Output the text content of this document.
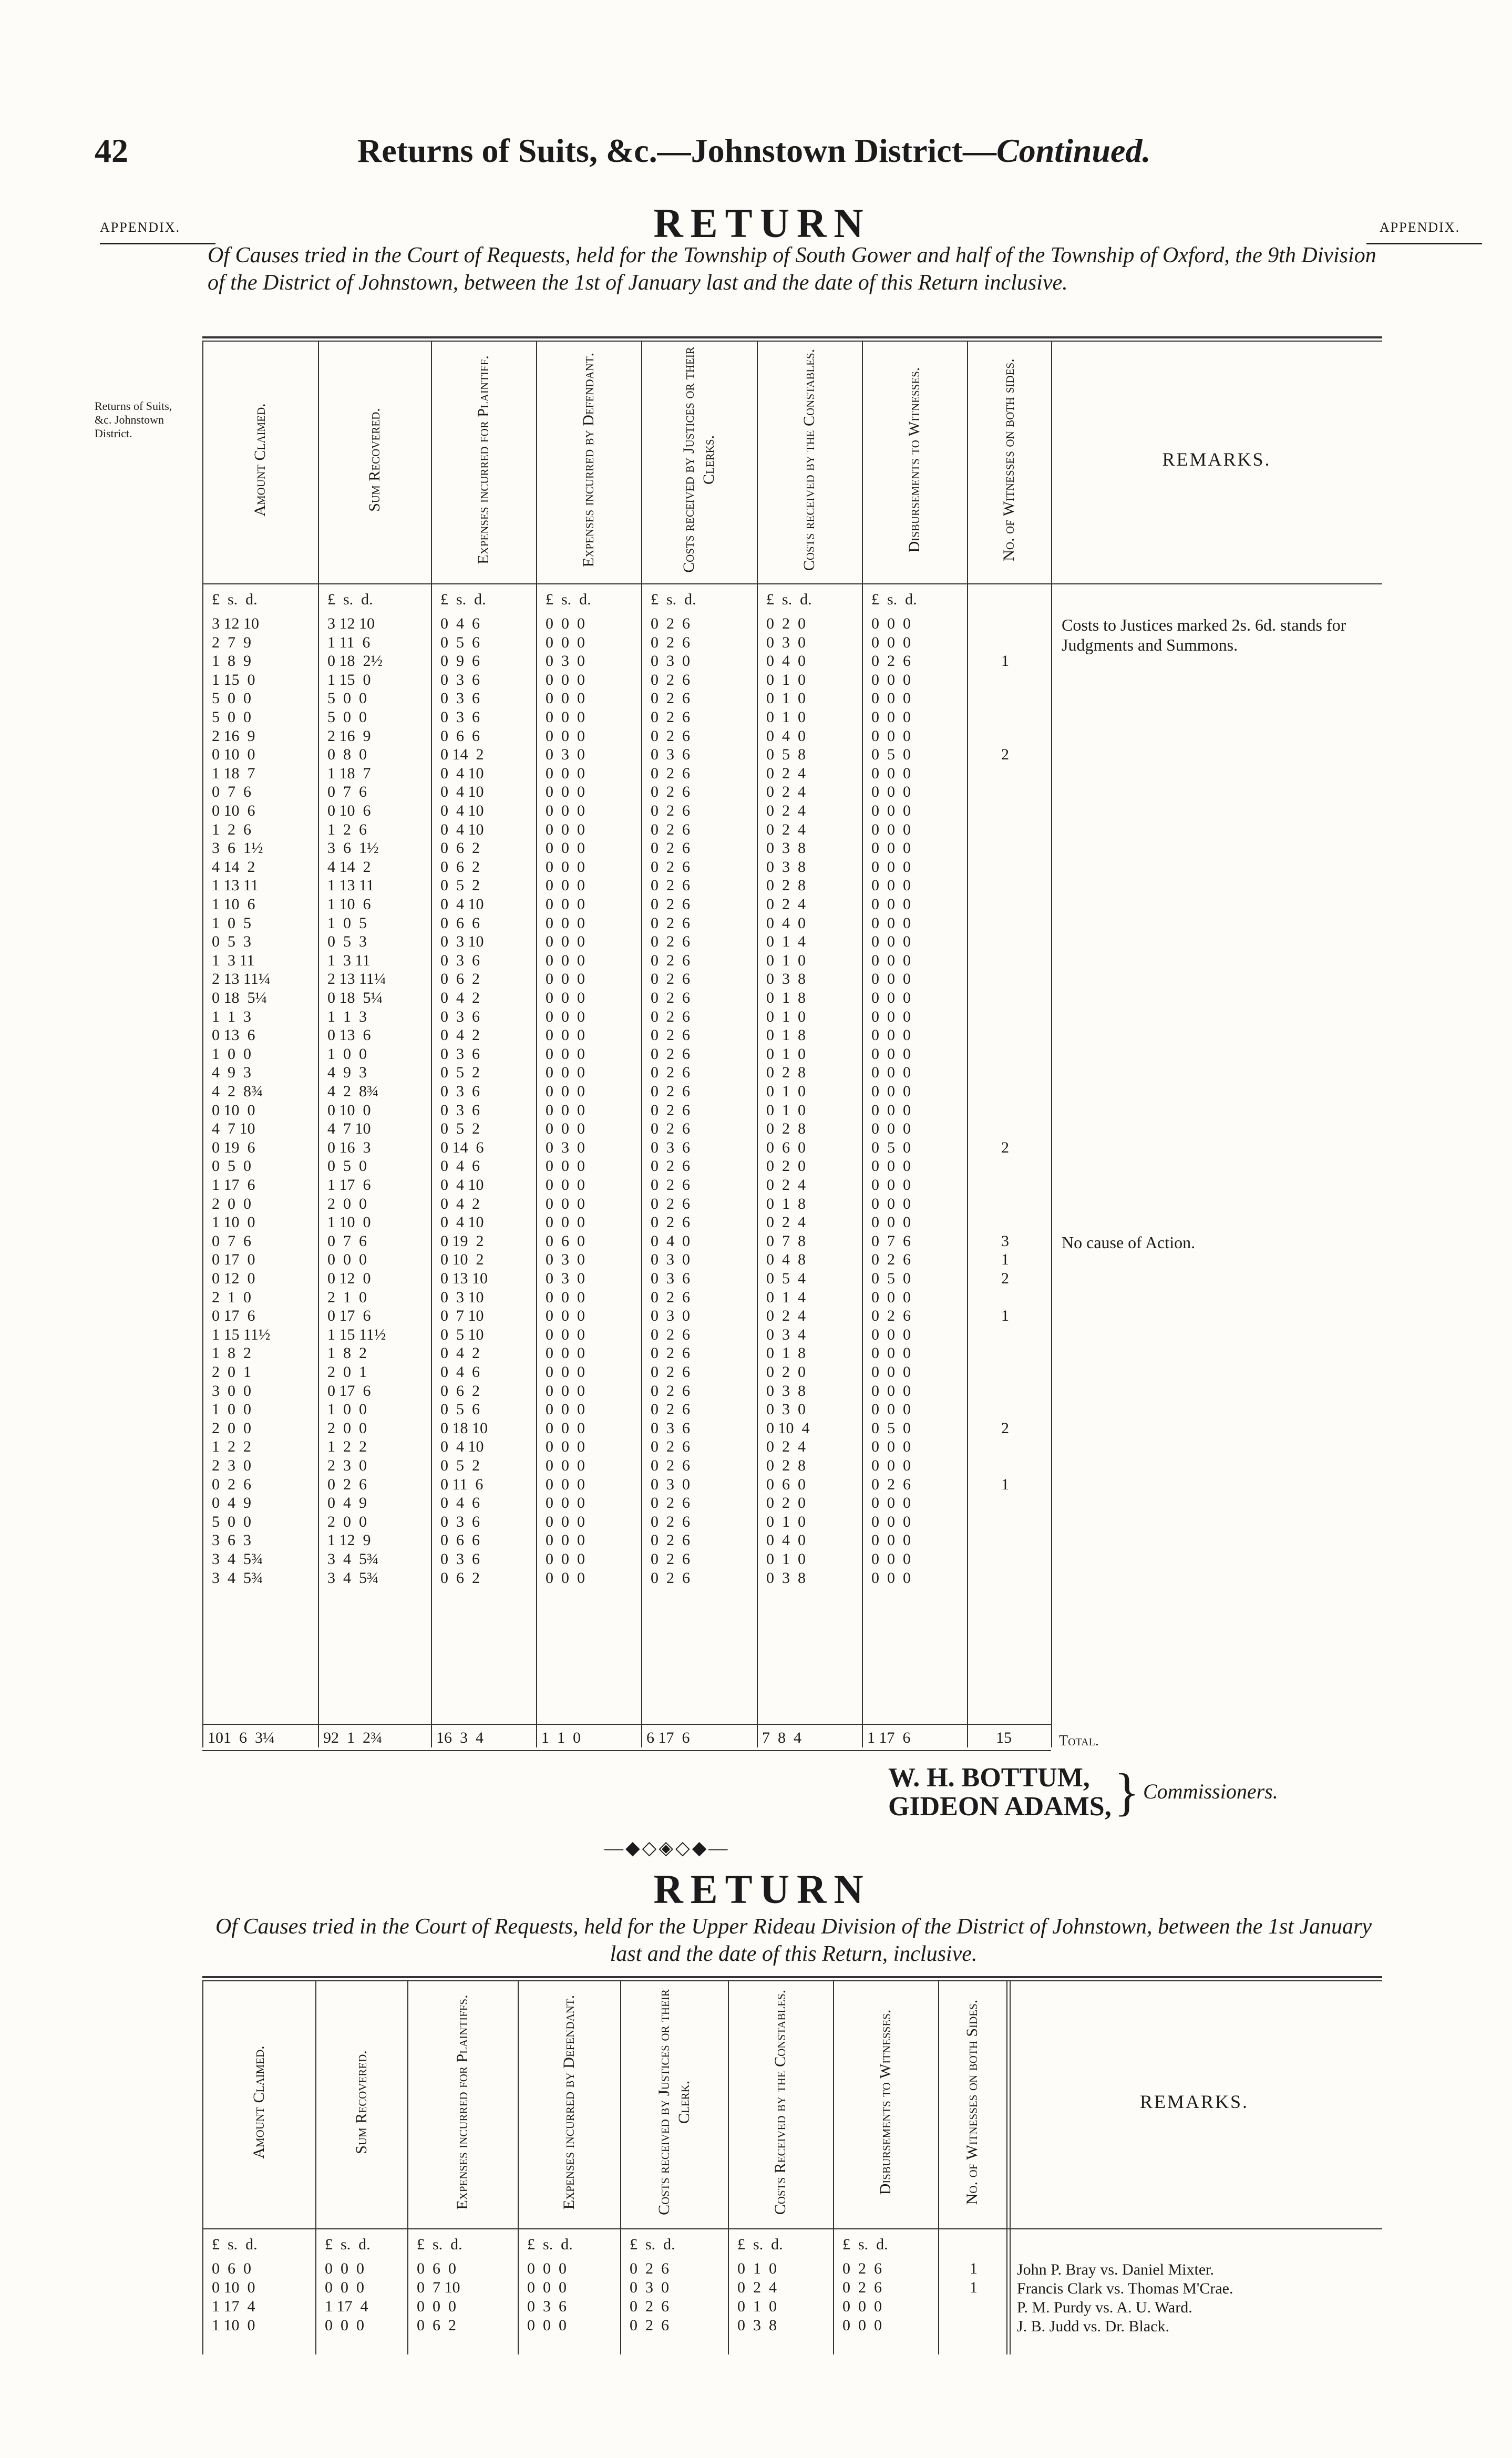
42	Returns of Suits, &c.—Johnstown District—Continued.
APPENDIX.	APPENDIX.
Returns of Suits, &c. Johnstown District.
RETURN
Of Causes tried in the Court of Requests, held for the Township of South Gower and half of the Township of Oxford, the 9th Division of the District of Johnstown, between the 1st of January last and the date of this Return inclusive.
Amount Claimed.	Sum Recovered.	Expenses incurred for Plaintiff.	Expenses incurred by Defendant.	Costs received by Justices or their Clerks.	Costs received by the Constables.	Disbursements to Witnesses.	No. of Witnesses on both sides.	REMARKS.
£  s.  d.	£  s.  d.	£  s.  d.	£  s.  d.	£  s.  d.	£  s.  d.	£  s.  d.
3 12 10	3 12 10	0  4  6	0  0  0	0  2  6	0  2  0	0  0  0
2  7  9	1 11  6	0  5  6	0  0  0	0  2  6	0  3  0	0  0  0
1  8  9	0 18  2½	0  9  6	0  3  0	0  3  0	0  4  0	0  2  6	1
1 15  0	1 15  0	0  3  6	0  0  0	0  2  6	0  1  0	0  0  0
5  0  0	5  0  0	0  3  6	0  0  0	0  2  6	0  1  0	0  0  0
5  0  0	5  0  0	0  3  6	0  0  0	0  2  6	0  1  0	0  0  0
2 16  9	2 16  9	0  6  6	0  0  0	0  2  6	0  4  0	0  0  0
0 10  0	0  8  0	0 14  2	0  3  0	0  3  6	0  5  8	0  5  0	2
1 18  7	1 18  7	0  4 10	0  0  0	0  2  6	0  2  4	0  0  0
0  7  6	0  7  6	0  4 10	0  0  0	0  2  6	0  2  4	0  0  0
0 10  6	0 10  6	0  4 10	0  0  0	0  2  6	0  2  4	0  0  0
1  2  6	1  2  6	0  4 10	0  0  0	0  2  6	0  2  4	0  0  0
3  6  1½	3  6  1½	0  6  2	0  0  0	0  2  6	0  3  8	0  0  0
4 14  2	4 14  2	0  6  2	0  0  0	0  2  6	0  3  8	0  0  0
1 13 11	1 13 11	0  5  2	0  0  0	0  2  6	0  2  8	0  0  0
1 10  6	1 10  6	0  4 10	0  0  0	0  2  6	0  2  4	0  0  0
1  0  5	1  0  5	0  6  6	0  0  0	0  2  6	0  4  0	0  0  0
0  5  3	0  5  3	0  3 10	0  0  0	0  2  6	0  1  4	0  0  0
1  3 11	1  3 11	0  3  6	0  0  0	0  2  6	0  1  0	0  0  0
2 13 11¼	2 13 11¼	0  6  2	0  0  0	0  2  6	0  3  8	0  0  0
0 18  5¼	0 18  5¼	0  4  2	0  0  0	0  2  6	0  1  8	0  0  0
1  1  3	1  1  3	0  3  6	0  0  0	0  2  6	0  1  0	0  0  0
0 13  6	0 13  6	0  4  2	0  0  0	0  2  6	0  1  8	0  0  0
1  0  0	1  0  0	0  3  6	0  0  0	0  2  6	0  1  0	0  0  0
4  9  3	4  9  3	0  5  2	0  0  0	0  2  6	0  2  8	0  0  0
4  2  8¾	4  2  8¾	0  3  6	0  0  0	0  2  6	0  1  0	0  0  0
0 10  0	0 10  0	0  3  6	0  0  0	0  2  6	0  1  0	0  0  0
4  7 10	4  7 10	0  5  2	0  0  0	0  2  6	0  2  8	0  0  0
0 19  6	0 16  3	0 14  6	0  3  0	0  3  6	0  6  0	0  5  0	2
0  5  0	0  5  0	0  4  6	0  0  0	0  2  6	0  2  0	0  0  0
1 17  6	1 17  6	0  4 10	0  0  0	0  2  6	0  2  4	0  0  0
2  0  0	2  0  0	0  4  2	0  0  0	0  2  6	0  1  8	0  0  0
1 10  0	1 10  0	0  4 10	0  0  0	0  2  6	0  2  4	0  0  0
0  7  6	0  7  6	0 19  2	0  6  0	0  4  0	0  7  8	0  7  6	3
0 17  0	0  0  0	0 10  2	0  3  0	0  3  0	0  4  8	0  2  6	1
0 12  0	0 12  0	0 13 10	0  3  0	0  3  6	0  5  4	0  5  0	2
2  1  0	2  1  0	0  3 10	0  0  0	0  2  6	0  1  4	0  0  0
0 17  6	0 17  6	0  7 10	0  0  0	0  3  0	0  2  4	0  2  6	1
1 15 11½	1 15 11½	0  5 10	0  0  0	0  2  6	0  3  4	0  0  0
1  8  2	1  8  2	0  4  2	0  0  0	0  2  6	0  1  8	0  0  0
2  0  1	2  0  1	0  4  6	0  0  0	0  2  6	0  2  0	0  0  0
3  0  0	0 17  6	0  6  2	0  0  0	0  2  6	0  3  8	0  0  0
1  0  0	1  0  0	0  5  6	0  0  0	0  2  6	0  3  0	0  0  0
2  0  0	2  0  0	0 18 10	0  0  0	0  3  6	0 10  4	0  5  0	2
1  2  2	1  2  2	0  4 10	0  0  0	0  2  6	0  2  4	0  0  0
2  3  0	2  3  0	0  5  2	0  0  0	0  2  6	0  2  8	0  0  0
0  2  6	0  2  6	0 11  6	0  0  0	0  3  0	0  6  0	0  2  6	1
0  4  9	0  4  9	0  4  6	0  0  0	0  2  6	0  2  0	0  0  0
5  0  0	2  0  0	0  3  6	0  0  0	0  2  6	0  1  0	0  0  0
3  6  3	1 12  9	0  6  6	0  0  0	0  2  6	0  4  0	0  0  0
3  4  5¾	3  4  5¾	0  3  6	0  0  0	0  2  6	0  1  0	0  0  0
3  4  5¾	3  4  5¾	0  6  2	0  0  0	0  2  6	0  3  8	0  0  0
101  6  3¼	92  1  2¾	16  3  4	1  1  0	6 17  6	7  8  4	1 17  6	15	Total.
Costs to Justices marked 2s. 6d. stands for Judgments and Summons.
No cause of Action.
W. H. BOTTUM,
GIDEON ADAMS, } Commissioners.
—◆◇◈◇◆—
RETURN
Of Causes tried in the Court of Requests, held for the Upper Rideau Division of the District of Johnstown, between the 1st January last and the date of this Return, inclusive.
Amount Claimed.	Sum Recovered.	Expenses incurred for Plaintiffs.	Expenses incurred by Defendant.	Costs received by Justices or their Clerk.	Costs Received by the Constables.	Disbursements to Witnesses.	No. of Witnesses on both Sides.	REMARKS.
£  s.  d.	£  s.  d.	£  s.  d.	£  s.  d.	£  s.  d.	£  s.  d.	£  s.  d.
0  6  0	0  0  0	0  6  0	0  0  0	0  2  6	0  1  0	0  2  6	1	John P. Bray vs. Daniel Mixter.
0 10  0	0  0  0	0  7 10	0  0  0	0  3  0	0  2  4	0  2  6	1	Francis Clark vs. Thomas M'Crae.
1 17  4	1 17  4	0  0  0	0  3  6	0  2  6	0  1  0	0  0  0	P. M. Purdy vs. A. U. Ward.
1 10  0	0  0  0	0  6  2	0  0  0	0  2  6	0  3  8	0  0  0	J. B. Judd vs. Dr. Black.
